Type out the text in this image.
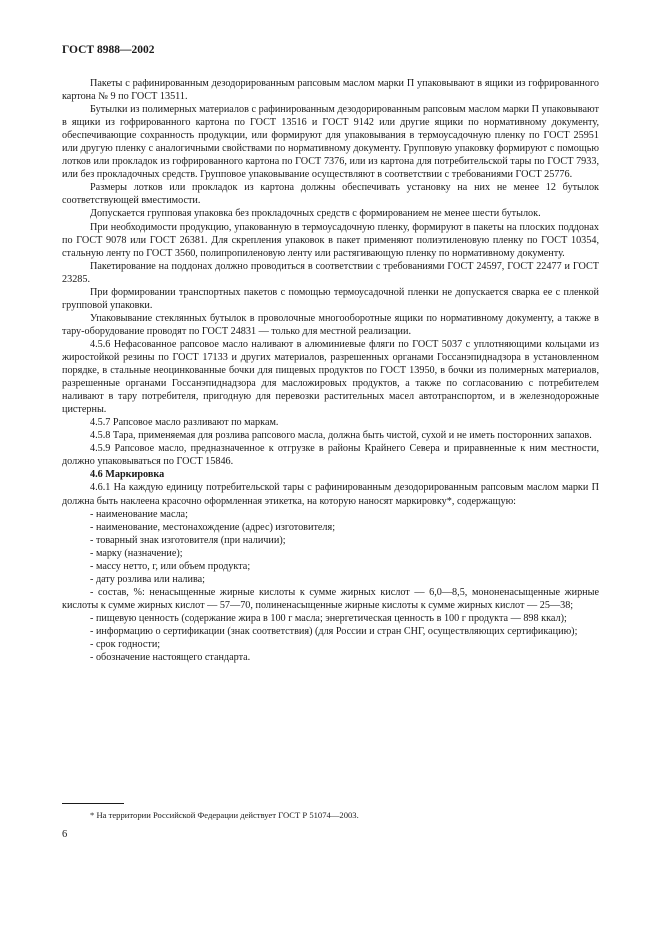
ГОСТ 8988—2002

Пакеты с рафинированным дезодорированным рапсовым маслом марки П упаковывают в ящики из гофрированного картона № 9 по ГОСТ 13511.

Бутылки из полимерных материалов с рафинированным дезодорированным рапсовым маслом марки П упаковывают в ящики из гофрированного картона по ГОСТ 13516 и ГОСТ 9142 или другие ящики по нормативному документу, обеспечивающие сохранность продукции, или формируют для упаковывания в термоусадочную пленку по ГОСТ 25951 или другую пленку с аналогичными свойствами по нормативному документу. Групповую упаковку формируют с помощью лотков или прокладок из гофрированного картона по ГОСТ 7376, или из картона для потребительской тары по ГОСТ 7933, или без прокладочных средств. Групповое упаковывание осуществляют в соответствии с требованиями ГОСТ 25776.

Размеры лотков или прокладок из картона должны обеспечивать установку на них не менее 12 бутылок соответствующей вместимости.

Допускается групповая упаковка без прокладочных средств с формированием не менее шести бутылок.

При необходимости продукцию, упакованную в термоусадочную пленку, формируют в пакеты на плоских поддонах по ГОСТ 9078 или ГОСТ 26381. Для скрепления упаковок в пакет применяют полиэтиленовую пленку по ГОСТ 10354, стальную ленту по ГОСТ 3560, полипропиленовую ленту или растягивающую пленку по нормативному документу.

Пакетирование на поддонах должно проводиться в соответствии с требованиями ГОСТ 24597, ГОСТ 22477 и ГОСТ 23285.

При формировании транспортных пакетов с помощью термоусадочной пленки не допускается сварка ее с пленкой групповой упаковки.

Упаковывание стеклянных бутылок в проволочные многооборотные ящики по нормативному документу, а также в тару-оборудование проводят по ГОСТ 24831 — только для местной реализации.

4.5.6 Нефасованное рапсовое масло наливают в алюминиевые фляги по ГОСТ 5037 с уплотняющими кольцами из жиростойкой резины по ГОСТ 17133 и других материалов, разрешенных органами Госсанэпиднадзора в установленном порядке, в стальные неоцинкованные бочки для пищевых продуктов по ГОСТ 13950, в бочки из полимерных материалов, разрешенные органами Госсанэпиднадзора для масложировых продуктов, а также по согласованию с потребителем наливают в тару потребителя, пригодную для перевозки растительных масел автотранспортом, и в железнодорожные цистерны.

4.5.7 Рапсовое масло разливают по маркам.

4.5.8 Тара, применяемая для розлива рапсового масла, должна быть чистой, сухой и не иметь посторонних запахов.

4.5.9 Рапсовое масло, предназначенное к отгрузке в районы Крайнего Севера и приравненные к ним местности, должно упаковываться по ГОСТ 15846.

4.6 Маркировка

4.6.1 На каждую единицу потребительской тары с рафинированным дезодорированным рапсовым маслом марки П должна быть наклеена красочно оформленная этикетка, на которую наносят маркировку*, содержащую:

- наименование масла;

- наименование, местонахождение (адрес) изготовителя;

- товарный знак изготовителя (при наличии);

- марку (назначение);

- массу нетто, г, или объем продукта;

- дату розлива или налива;

- состав, %: ненасыщенные жирные кислоты к сумме жирных кислот — 6,0—8,5, мононенасыщенные жирные кислоты к сумме жирных кислот — 57—70, полиненасыщенные жирные кислоты к сумме жирных кислот — 25—38;

- пищевую ценность (содержание жира в 100 г масла; энергетическая ценность в 100 г продукта — 898 ккал);

- информацию о сертификации (знак соответствия) (для России и стран СНГ, осуществляющих сертификацию);

- срок годности;

- обозначение настоящего стандарта.

* На территории Российской Федерации действует ГОСТ Р 51074—2003.
6
